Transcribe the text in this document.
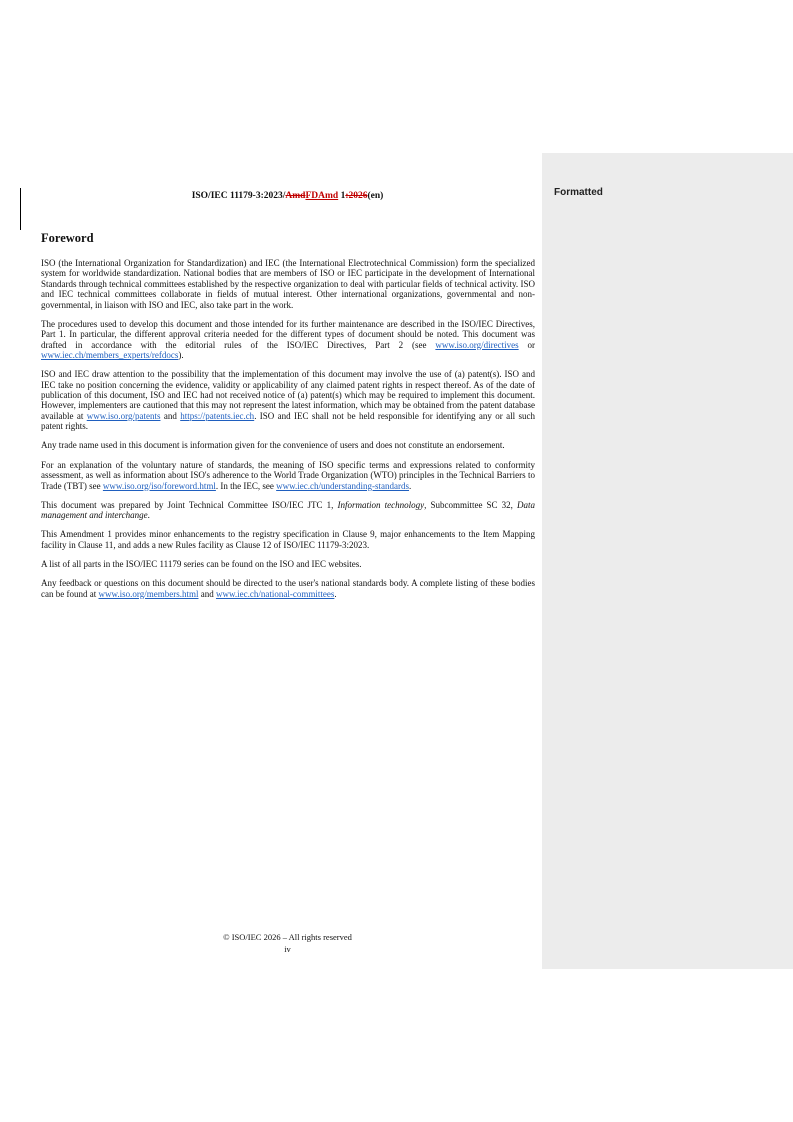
Formatted
ISO/IEC 11179-3:2023/AmdFDAmd 1:2026(en)
Foreword

ISO (the International Organization for Standardization) and IEC (the International Electrotechnical Commission) form the specialized system for worldwide standardization. National bodies that are members of ISO or IEC participate in the development of International Standards through technical committees established by the respective organization to deal with particular fields of technical activity. ISO and IEC technical committees collaborate in fields of mutual interest. Other international organizations, governmental and non-governmental, in liaison with ISO and IEC, also take part in the work.

The procedures used to develop this document and those intended for its further maintenance are described in the ISO/IEC Directives, Part 1. In particular, the different approval criteria needed for the different types of document should be noted. This document was drafted in accordance with the editorial rules of the ISO/IEC Directives, Part 2 (see www.iso.org/directives or www.iec.ch/members_experts/refdocs).

ISO and IEC draw attention to the possibility that the implementation of this document may involve the use of (a) patent(s). ISO and IEC take no position concerning the evidence, validity or applicability of any claimed patent rights in respect thereof. As of the date of publication of this document, ISO and IEC had not received notice of (a) patent(s) which may be required to implement this document. However, implementers are cautioned that this may not represent the latest information, which may be obtained from the patent database available at www.iso.org/patents and https://patents.iec.ch. ISO and IEC shall not be held responsible for identifying any or all such patent rights.

Any trade name used in this document is information given for the convenience of users and does not constitute an endorsement.

For an explanation of the voluntary nature of standards, the meaning of ISO specific terms and expressions related to conformity assessment, as well as information about ISO's adherence to the World Trade Organization (WTO) principles in the Technical Barriers to Trade (TBT) see www.iso.org/iso/foreword.html. In the IEC, see www.iec.ch/understanding-standards.

This document was prepared by Joint Technical Committee ISO/IEC JTC 1, Information technology, Subcommittee SC 32, Data management and interchange.

This Amendment 1 provides minor enhancements to the registry specification in Clause 9, major enhancements to the Item Mapping facility in Clause 11, and adds a new Rules facility as Clause 12 of ISO/IEC 11179-3:2023.

A list of all parts in the ISO/IEC 11179 series can be found on the ISO and IEC websites.

Any feedback or questions on this document should be directed to the user's national standards body. A complete listing of these bodies can be found at www.iso.org/members.html and www.iec.ch/national-committees.

© ISO/IEC 2026 – All rights reserved
iv
